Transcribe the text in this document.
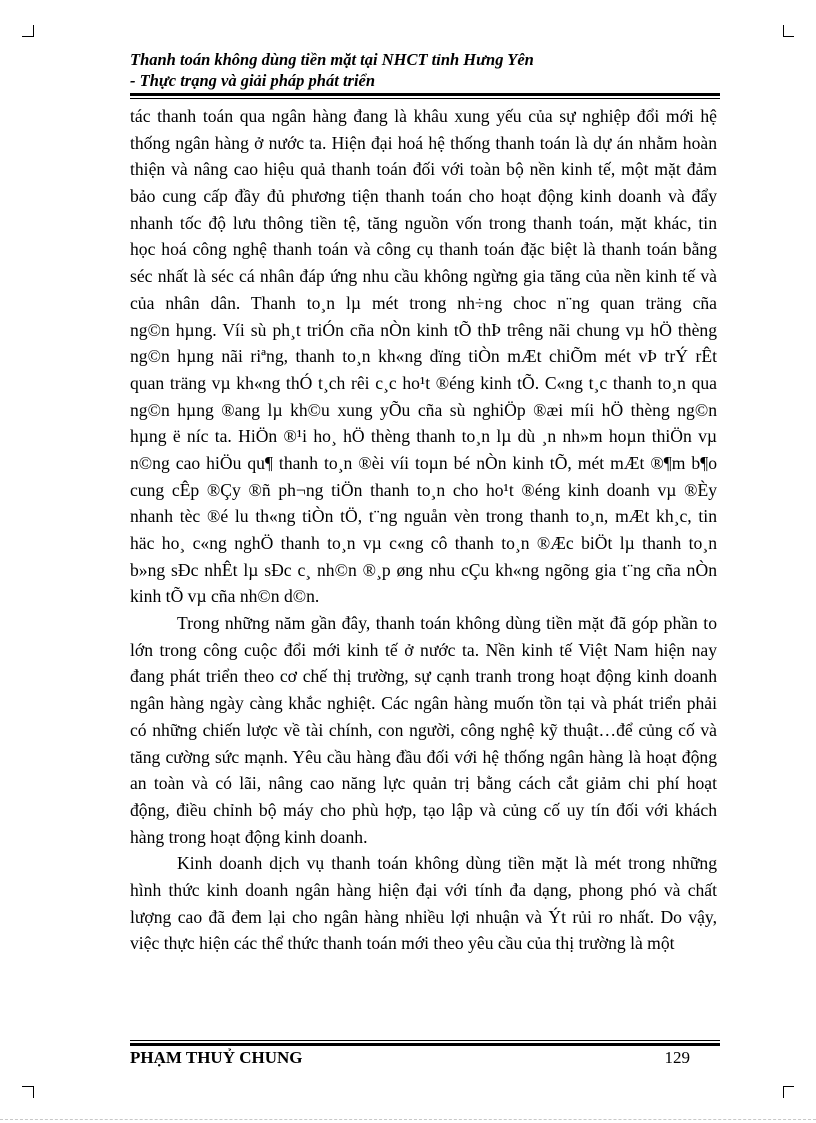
Thanh toán không dùng tiền mặt tại NHCT tỉnh Hưng Yên
- Thực trạng và giải pháp phát triển
tác thanh toán qua ngân hàng đang là khâu xung yếu của sự nghiệp đổi mới hệ
thống ngân hàng ở nước ta. Hiện đại hoá hệ thống thanh toán là dự án nhằm hoàn
thiện và nâng cao hiệu quả thanh toán đối với toàn bộ nền kinh tế, một mặt đảm
bảo cung cấp đầy đủ phương tiện thanh toán cho hoạt động kinh doanh và đẩy
nhanh tốc độ lưu thông tiền tệ, tăng nguồn vốn trong thanh toán, mặt khác, tin
học hoá công nghệ thanh toán và công cụ thanh toán đặc biệt là thanh toán bằng
séc nhất là séc cá nhân đáp ứng nhu cầu không ngừng gia tăng của nền kinh tế và
của nhân dân. Thanh to¸n lµ mét trong nh÷ng choc n¨ng quan träng cña
ng©n hµng. Víi sù ph¸t triÓn cña nÒn kinh tÕ thÞ trêng nãi chung vµ hÖ thèng
ng©n hµng nãi riªng, thanh to¸n kh«ng dïng tiÒn mÆt chiÕm mét vÞ trÝ rÊt
quan träng vµ kh«ng thÓ t¸ch rêi c¸c ho¹t ®éng kinh tÕ. C«ng t¸c thanh to¸n qua
ng©n hµng ®ang lµ kh©u xung yÕu cña sù nghiÖp ®æi míi hÖ thèng ng©n
hµng ë níc ta. HiÖn ®¹i ho¸ hÖ thèng thanh to¸n lµ dù ¸n nh»m hoµn thiÖn vµ
n©ng cao hiÖu qu¶ thanh to¸n ®èi víi toµn bé nÒn kinh tÕ, mét mÆt ®¶m b¶o
cung cÊp ®Çy ®ñ ph¬ng tiÖn thanh to¸n cho ho¹t ®éng kinh doanh vµ ®Èy
nhanh tèc ®é lu th«ng tiÒn tÖ, t¨ng nguån vèn trong thanh to¸n, mÆt kh¸c, tin
häc ho¸ c«ng nghÖ thanh to¸n vµ c«ng cô thanh to¸n ®Æc biÖt lµ thanh to¸n
b»ng sÐc nhÊt lµ sÐc c¸ nh©n ®¸p øng nhu cÇu kh«ng ngõng gia t¨ng cña nÒn
kinh tÕ vµ cña nh©n d©n.
Trong những năm gần đây, thanh toán không dùng tiền mặt đã góp phần to
lớn trong công cuộc đổi mới kinh tế ở nước ta. Nền kinh tế Việt Nam hiện nay
đang phát triển theo cơ chế thị trường, sự cạnh tranh trong hoạt động kinh doanh
ngân hàng ngày càng khắc nghiệt. Các ngân hàng muốn tồn tại và phát triển phải
có những chiến lược về tài chính, con người, công nghệ kỹ thuật…để củng cố và
tăng cường sức mạnh. Yêu cầu hàng đầu đối với hệ thống ngân hàng là hoạt động
an toàn và có lãi, nâng cao năng lực quản trị bằng cách cắt giảm chi phí hoạt
động, điều chỉnh bộ máy cho phù hợp, tạo lập và củng cố uy tín đối với khách
hàng trong hoạt động kinh doanh.
Kinh doanh dịch vụ thanh toán không dùng tiền mặt là mét trong những
hình thức kinh doanh ngân hàng hiện đại với tính đa dạng, phong phó và chất
lượng cao đã đem lại cho ngân hàng nhiều lợi nhuận và Ýt rủi ro nhất. Do vậy,
việc thực hiện các thể thức thanh toán mới theo yêu cầu của thị trường là một
PHẠM THUỶ CHUNG	129
